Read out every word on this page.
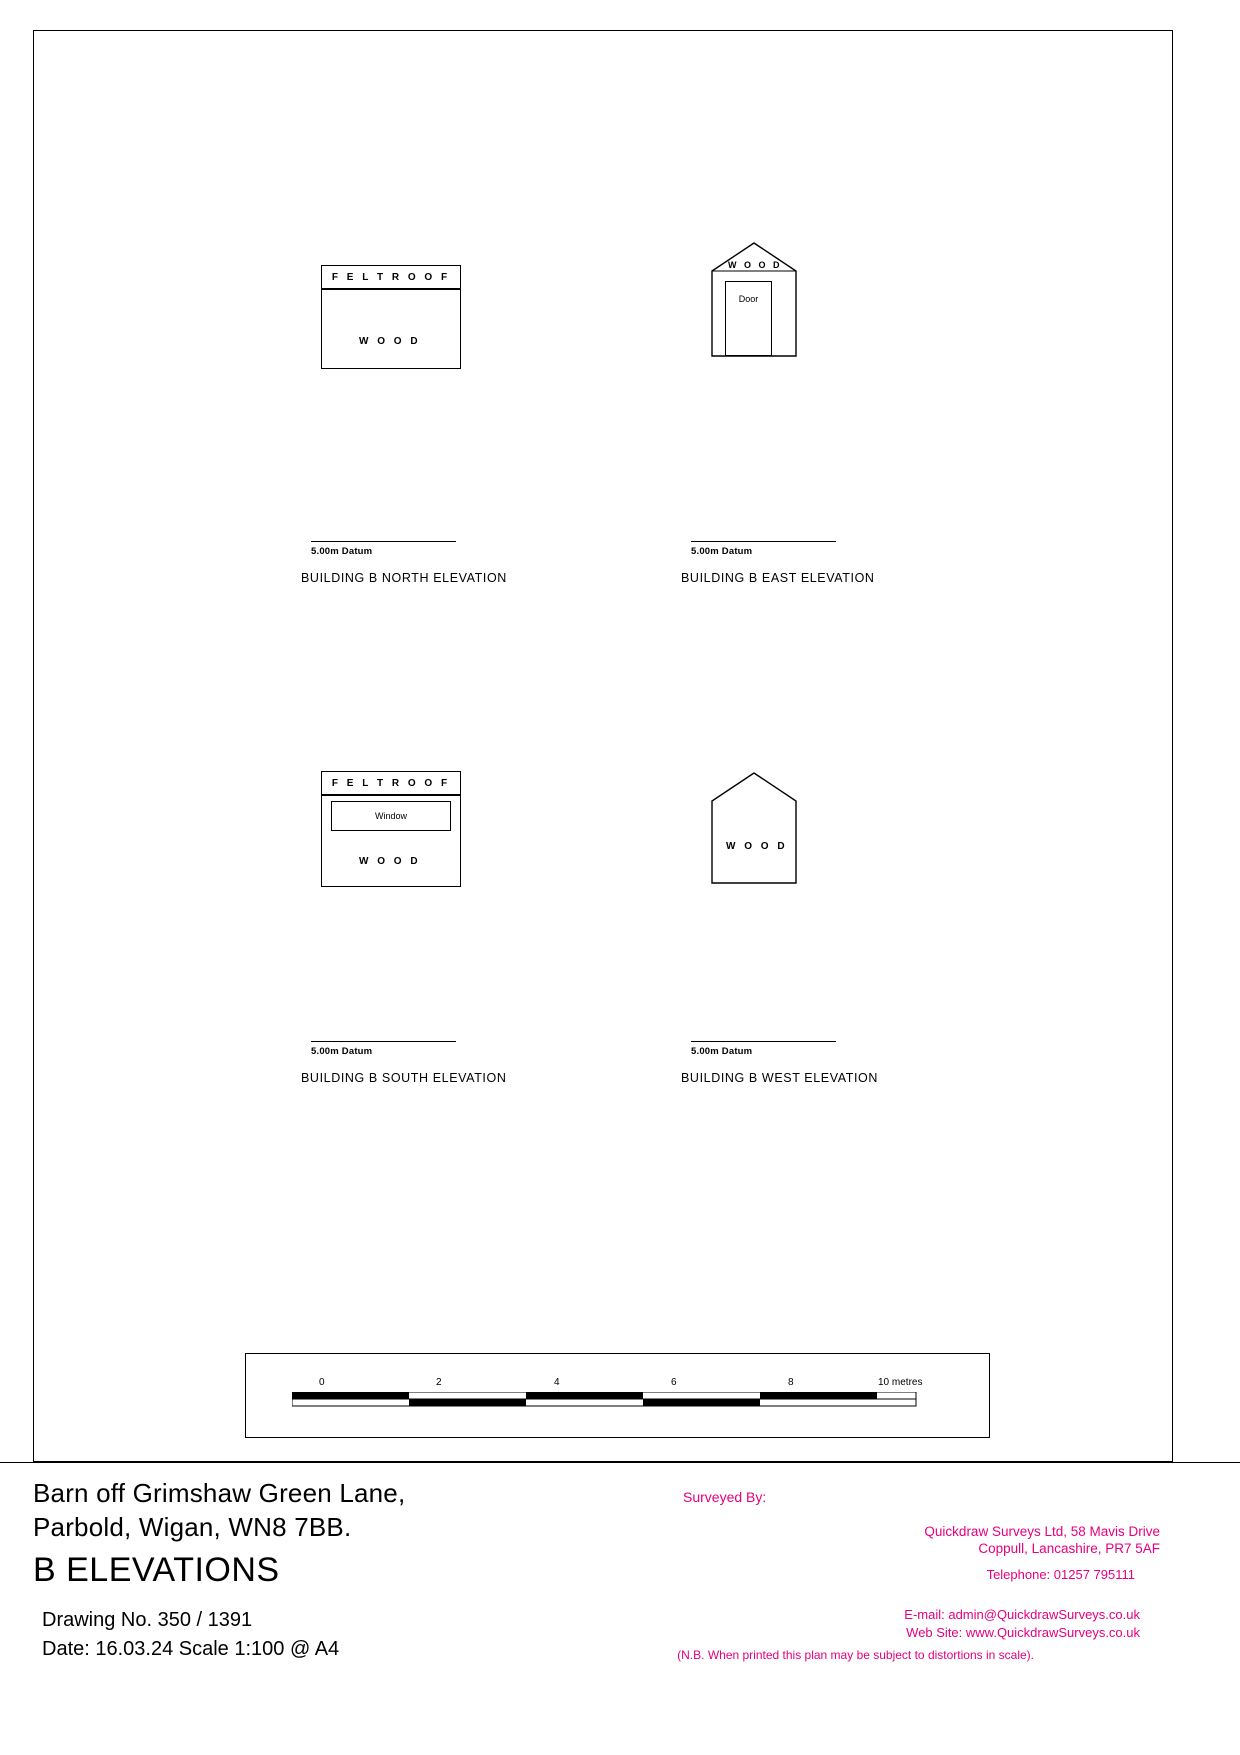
F E L T R O O F
W O O D
5.00m Datum
BUILDING B NORTH ELEVATION
W O O D
Door
5.00m Datum
BUILDING B EAST ELEVATION
F E L T R O O F
Window
W O O D
5.00m Datum
BUILDING B SOUTH ELEVATION
W O O D
5.00m Datum
BUILDING B WEST ELEVATION
0	2	4	6	8	10 metres
Barn off Grimshaw Green Lane,
Parbold, Wigan, WN8 7BB.
B ELEVATIONS
Drawing No. 350 / 1391
Date: 16.03.24 Scale 1:100 @ A4
Surveyed By:
Quickdraw Surveys Ltd, 58 Mavis Drive
Coppull, Lancashire, PR7 5AF
Telephone: 01257 795111
E-mail: admin@QuickdrawSurveys.co.uk
Web Site: www.QuickdrawSurveys.co.uk
(N.B. When printed this plan may be subject to distortions in scale).
